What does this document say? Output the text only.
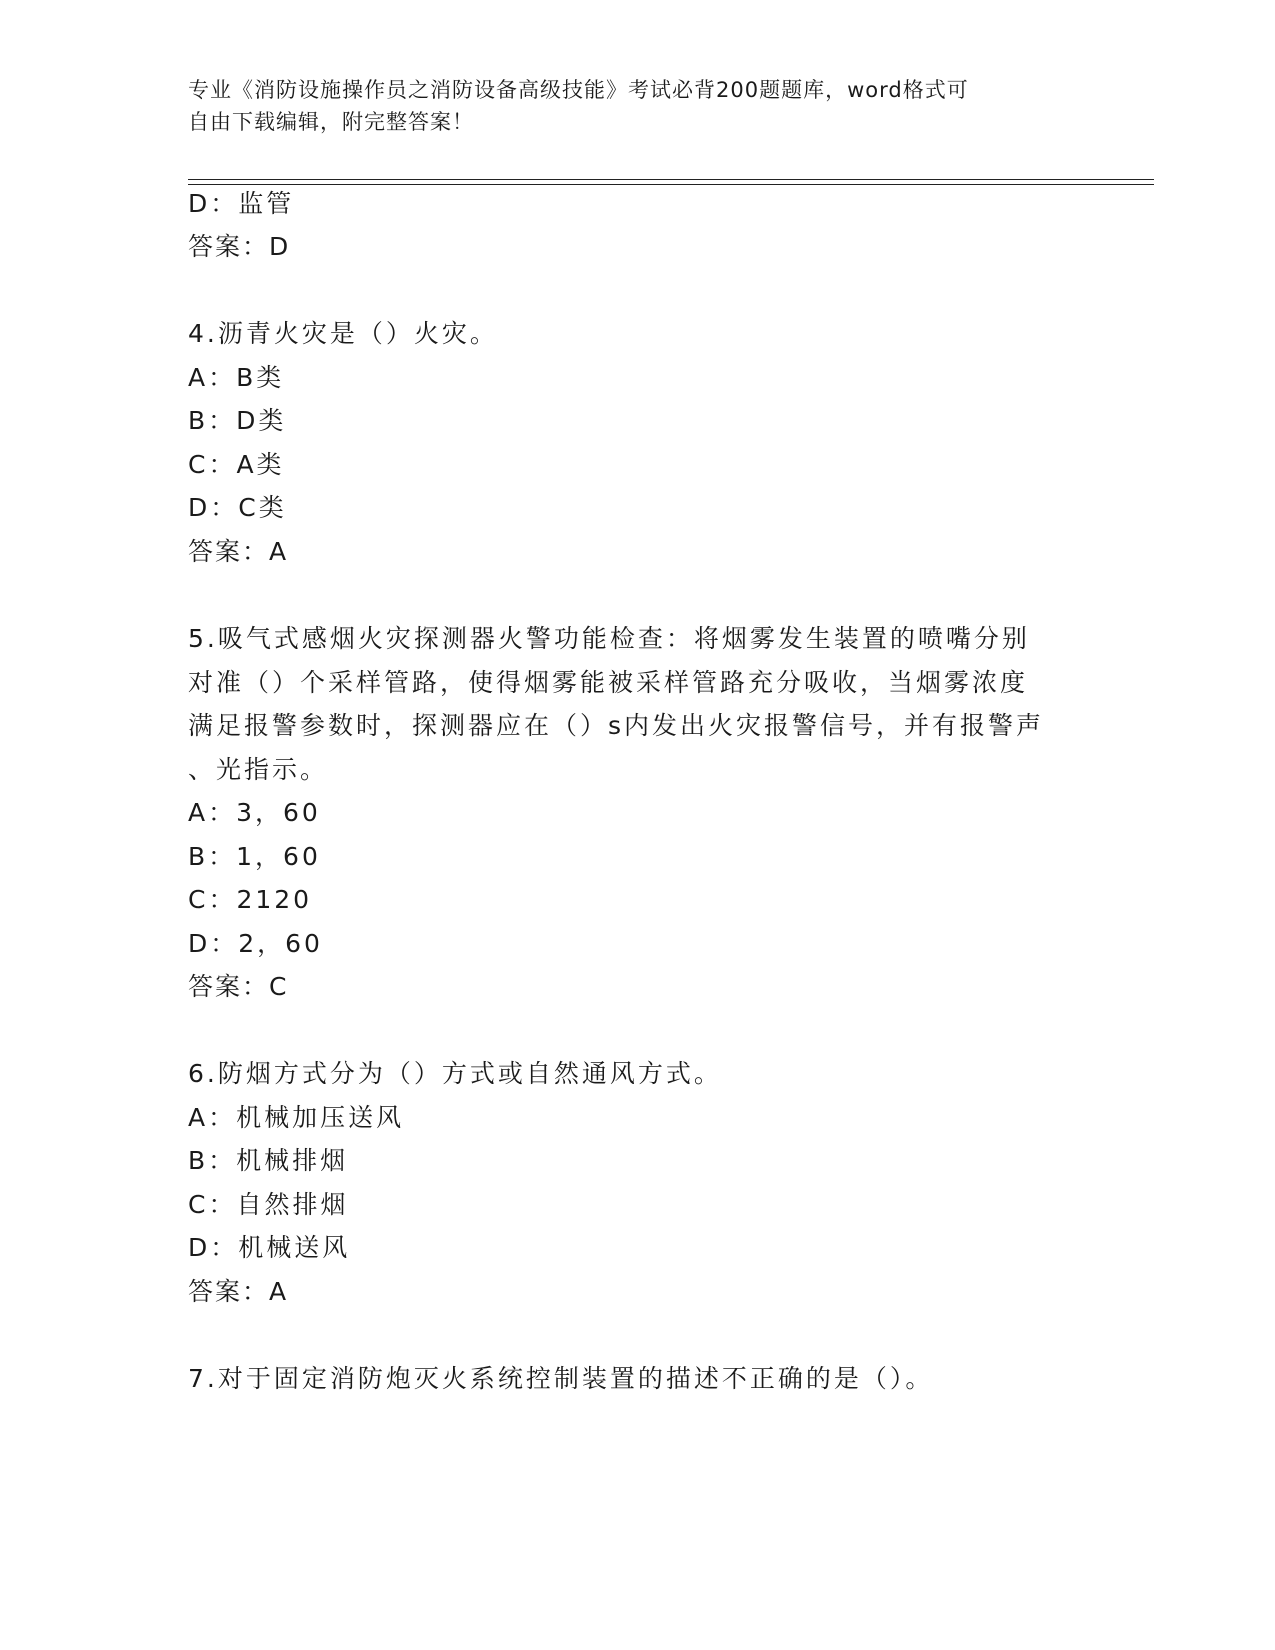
专业《消防设施操作员之消防设备高级技能》考试必背200题题库，word格式可
自由下载编辑，附完整答案！
D：监管
答案：D
4.沥青火灾是（）火灾。
A：B类
B：D类
C：A类
D：C类
答案：A
5.吸气式感烟火灾探测器火警功能检查：将烟雾发生装置的喷嘴分别
对准（）个采样管路，使得烟雾能被采样管路充分吸收，当烟雾浓度
满足报警参数时，探测器应在（）s内发出火灾报警信号，并有报警声
、光指示。
A：3，60
B：1，60
C：2120
D：2，60
答案：C
6.防烟方式分为（）方式或自然通风方式。
A：机械加压送风
B：机械排烟
C：自然排烟
D：机械送风
答案：A
7.对于固定消防炮灭火系统控制装置的描述不正确的是（）。
